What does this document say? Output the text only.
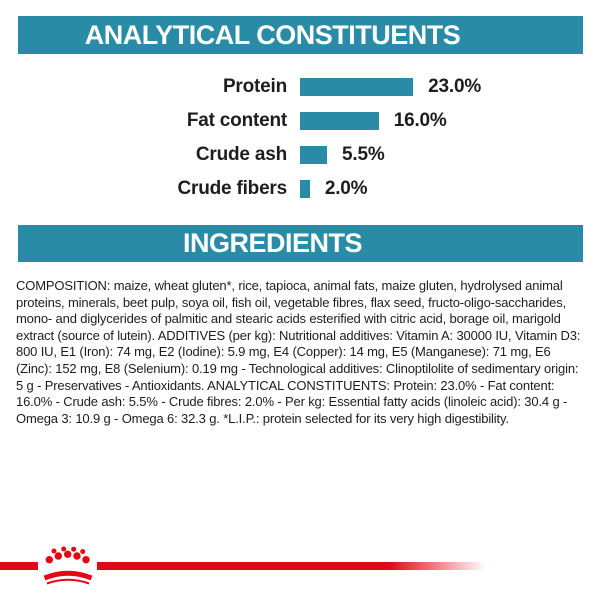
ANALYTICAL CONSTITUENTS
Protein	23.0%
Fat content	16.0%
Crude ash	5.5%
Crude fibers 2.0%
INGREDIENTS

COMPOSITION: maize, wheat gluten*, rice, tapioca, animal fats, maize gluten, hydrolysed animal proteins, minerals, beet pulp, soya oil, fish oil, vegetable fibres, flax seed, fructo-oligo-saccharides, mono- and diglycerides of palmitic and stearic acids esterified with citric acid, borage oil, marigold extract (source of lutein). ADDITIVES (per kg): Nutritional additives: Vitamin A: 30000 IU, Vitamin D3: 800 IU, E1 (Iron): 74 mg, E2 (Iodine): 5.9 mg, E4 (Copper): 14 mg, E5 (Manganese): 71 mg, E6 (Zinc): 152 mg, E8 (Selenium): 0.19 mg - Technological additives: Clinoptilolite of sedimentary origin: 5 g - Preservatives - Antioxidants. ANALYTICAL CONSTITUENTS: Protein: 23.0% - Fat content: 16.0% - Crude ash: 5.5% - Crude fibres: 2.0% - Per kg: Essential fatty acids (linoleic acid): 30.4 g - Omega 3: 10.9 g - Omega 6: 32.3 g. *L.I.P.: protein selected for its very high digestibility.
